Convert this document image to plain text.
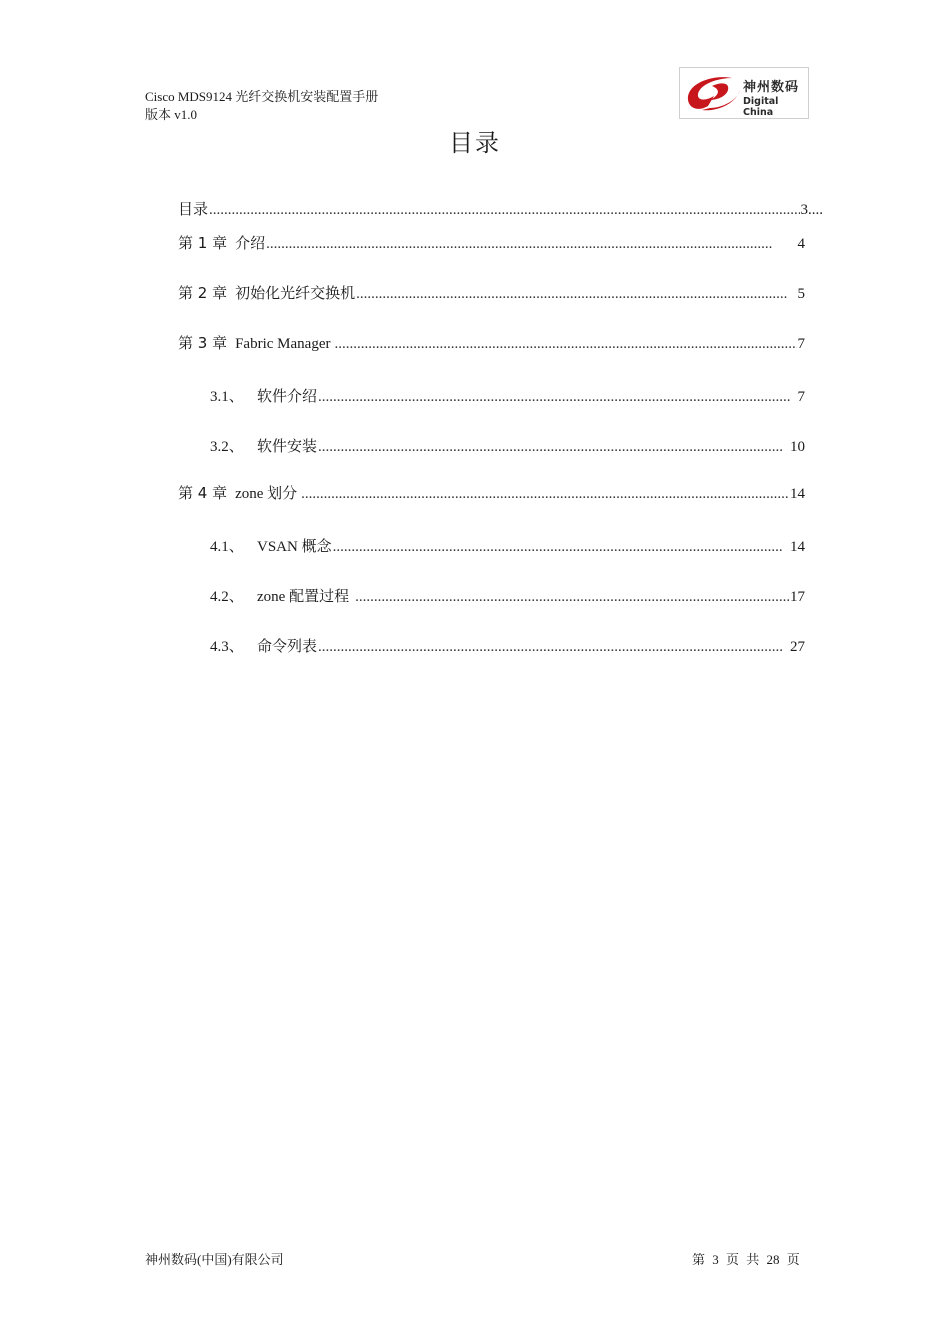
Cisco MDS9124 光纤交换机安装配置手册
版本 v1.0
神州数码
Digital China
目录
目录 .....	3 ....
第 1 章 介绍 .....	4
第 2 章 初始化光纤交换机 .....	5
第 3 章 Fabric Manager .....	7
3.1、 软件介绍 .....	7
3.2、 软件安装 .....	10
第 4 章 zone 划分 .....	14
4.1、 VSAN 概念 .....	14
4.2、 zone 配置过程 .....	17
4.3、 命令列表 .....	27
神州数码(中国)有限公司	第 3 页 共 28 页
